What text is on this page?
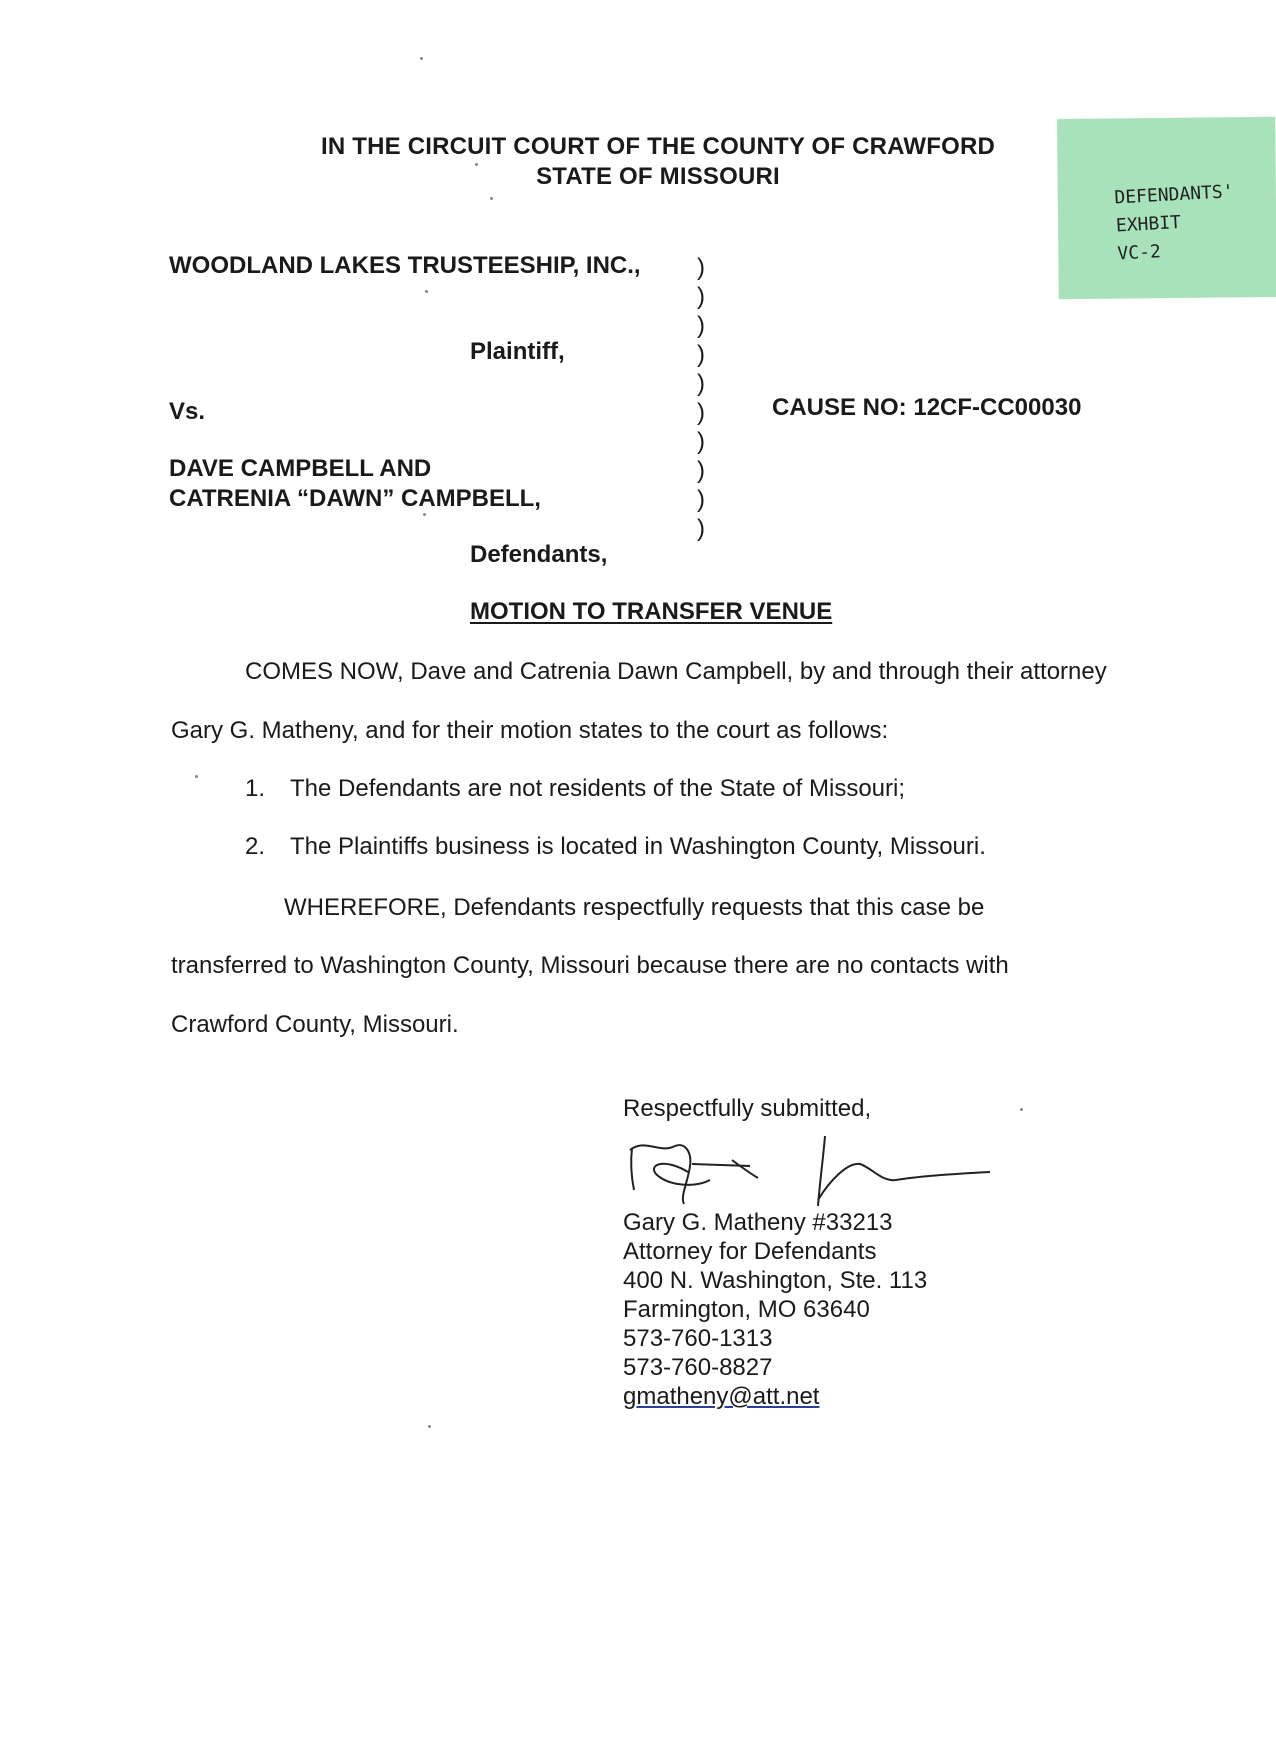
IN THE CIRCUIT COURT OF THE COUNTY OF CRAWFORD
STATE OF MISSOURI
DEFENDANTS'
EXHBIT
VC-2
WOODLAND LAKES TRUSTEESHIP, INC.,
Plaintiff,
Vs.
DAVE CAMPBELL AND
CATRENIA “DAWN” CAMPBELL,
Defendants,
)
)
)
)
)
)
)
)
)
)
CAUSE NO: 12CF-CC00030
MOTION TO TRANSFER VENUE
COMES NOW, Dave and Catrenia Dawn Campbell, by and through their attorney
Gary G. Matheny, and for their motion states to the court as follows:
1. The Defendants are not residents of the State of Missouri;
2. The Plaintiffs business is located in Washington County, Missouri.
WHEREFORE, Defendants respectfully requests that this case be
transferred to Washington County, Missouri because there are no contacts with
Crawford County, Missouri.
Respectfully submitted,
Gary G. Matheny #33213
Attorney for Defendants
400 N. Washington, Ste. 113
Farmington, MO 63640
573-760-1313
573-760-8827
gmatheny@att.net
